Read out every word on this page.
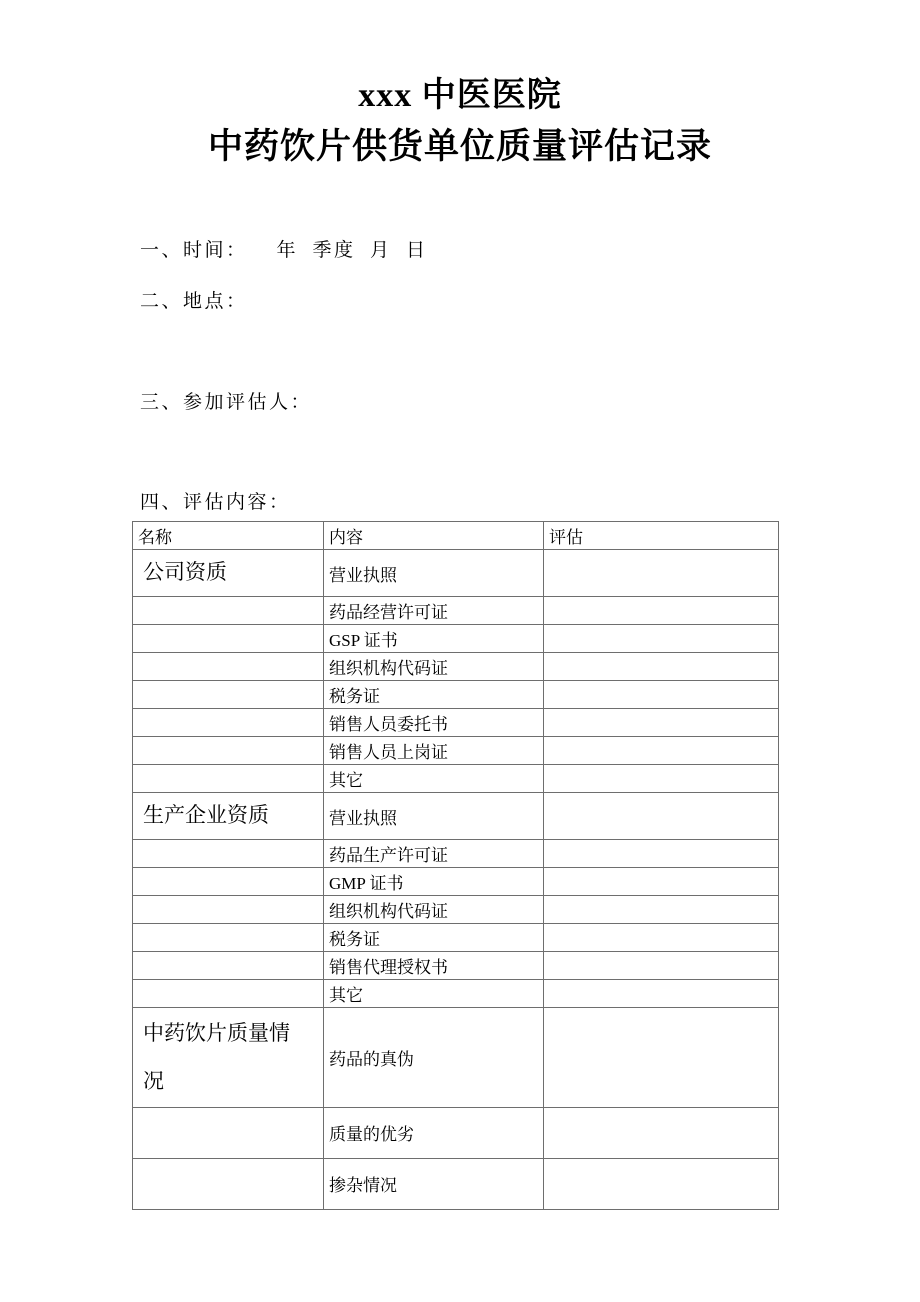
xxx 中医医院
中药饮片供货单位质量评估记录

一、时间：    年  季度  月  日

二、地点：

三、参加评估人：

四、评估内容：

名称	内容	评估
公司资质	营业执照	
	药品经营许可证	
	GSP 证书	
	组织机构代码证	
	税务证	
	销售人员委托书	
	销售人员上岗证	
	其它	
生产企业资质	营业执照	
	药品生产许可证	
	GMP 证书	
	组织机构代码证	
	税务证	
	销售代理授权书	
	其它	
中药饮片质量情况	药品的真伪	
	质量的优劣	
	掺杂情况	
